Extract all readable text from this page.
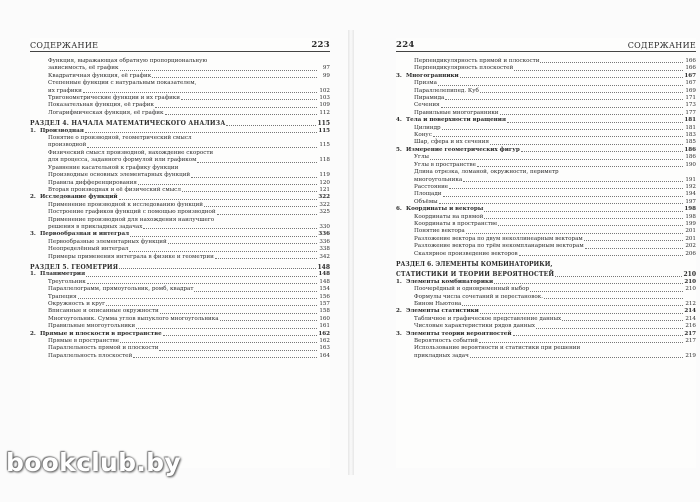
СОДЕРЖАНИЕ	223
Функция, выражающая обратную пропорциональную
зависимость, её график	97
Квадратичная функция, её график	99
Степенные функции с натуральным показателем,
их графики	102
Тригонометрические функции и их графики	103
Показательная функция, её график	109
Логарифмическая функция, её график	112
РАЗДЕЛ 4. НАЧАЛА МАТЕМАТИЧЕСКОГО АНАЛИЗА	115
1. Производная	115
Понятие о производной, геометрический смысл
производной	115
Физический смысл производной, нахождение скорости
для процесса, заданного формулой или графиком	118
Уравнение касательной к графику функции
Производные основных элементарных функций	119
Правила дифференцирования	120
Вторая производная и её физический смысл	121
2. Исследование функций	322
Применение производной к исследованию функций	322
Построение графиков функций с помощью производной	325
Применение производной для нахождения наилучшего
решения в прикладных задачах	330
3. Первообразная и интеграл	336
Первообразные элементарных функций	336
Неопределённый интеграл	338
Примеры применения интеграла в физике и геометрии	342
РАЗДЕЛ 5. ГЕОМЕТРИЯ	148
1. Планиметрия	148
Треугольник	148
Параллелограмм, прямоугольник, ромб, квадрат	154
Трапеция	156
Окружность и круг	157
Вписанные и описанные окружности	158
Многоугольник. Сумма углов выпуклого многоугольника	160
Правильные многоугольники	161
2. Прямые и плоскости в пространстве	162
Прямые в пространстве	162
Параллельность прямой и плоскости	163
Параллельность плоскостей	164
224	СОДЕРЖАНИЕ
Перпендикулярность прямой и плоскости	166
Перпендикулярность плоскостей	166
3. Многогранники	167
Призма	167
Параллелепипед. Куб	169
Пирамида	171
Сечения	173
Правильные многогранники	177
4. Тела и поверхности вращения	181
Цилиндр	181
Конус	183
Шар, сфера и их сечения	185
5. Измерение геометрических фигур	186
Углы	186
Углы в пространстве	190
Длина отрезка, ломаной, окружности, периметр
многоугольника	191
Расстояние	192
Площади	194
Объёмы	197
6. Координаты и векторы	198
Координаты на прямой	198
Координаты в пространстве	199
Понятие вектора	201
Разложение вектора по двум неколлинеарным векторам	201
Разложение вектора по трём некомпланарным векторам	202
Скалярное произведение векторов	206
РАЗДЕЛ 6. ЭЛЕМЕНТЫ КОМБИНАТОРИКИ,
СТАТИСТИКИ И ТЕОРИИ ВЕРОЯТНОСТЕЙ	210
1. Элементы комбинаторики	210
Поочерёдный и одновременный выбор	210
Формулы числа сочетаний и перестановок.
Бином Ньютона	212
2. Элементы статистики	214
Табличное и графическое представление данных	214
Числовые характеристики рядов данных	216
3. Элементы теории вероятностей	217
Вероятность событий	217
Использование вероятности и статистики при решении
прикладных задач	219
bookclub.by
